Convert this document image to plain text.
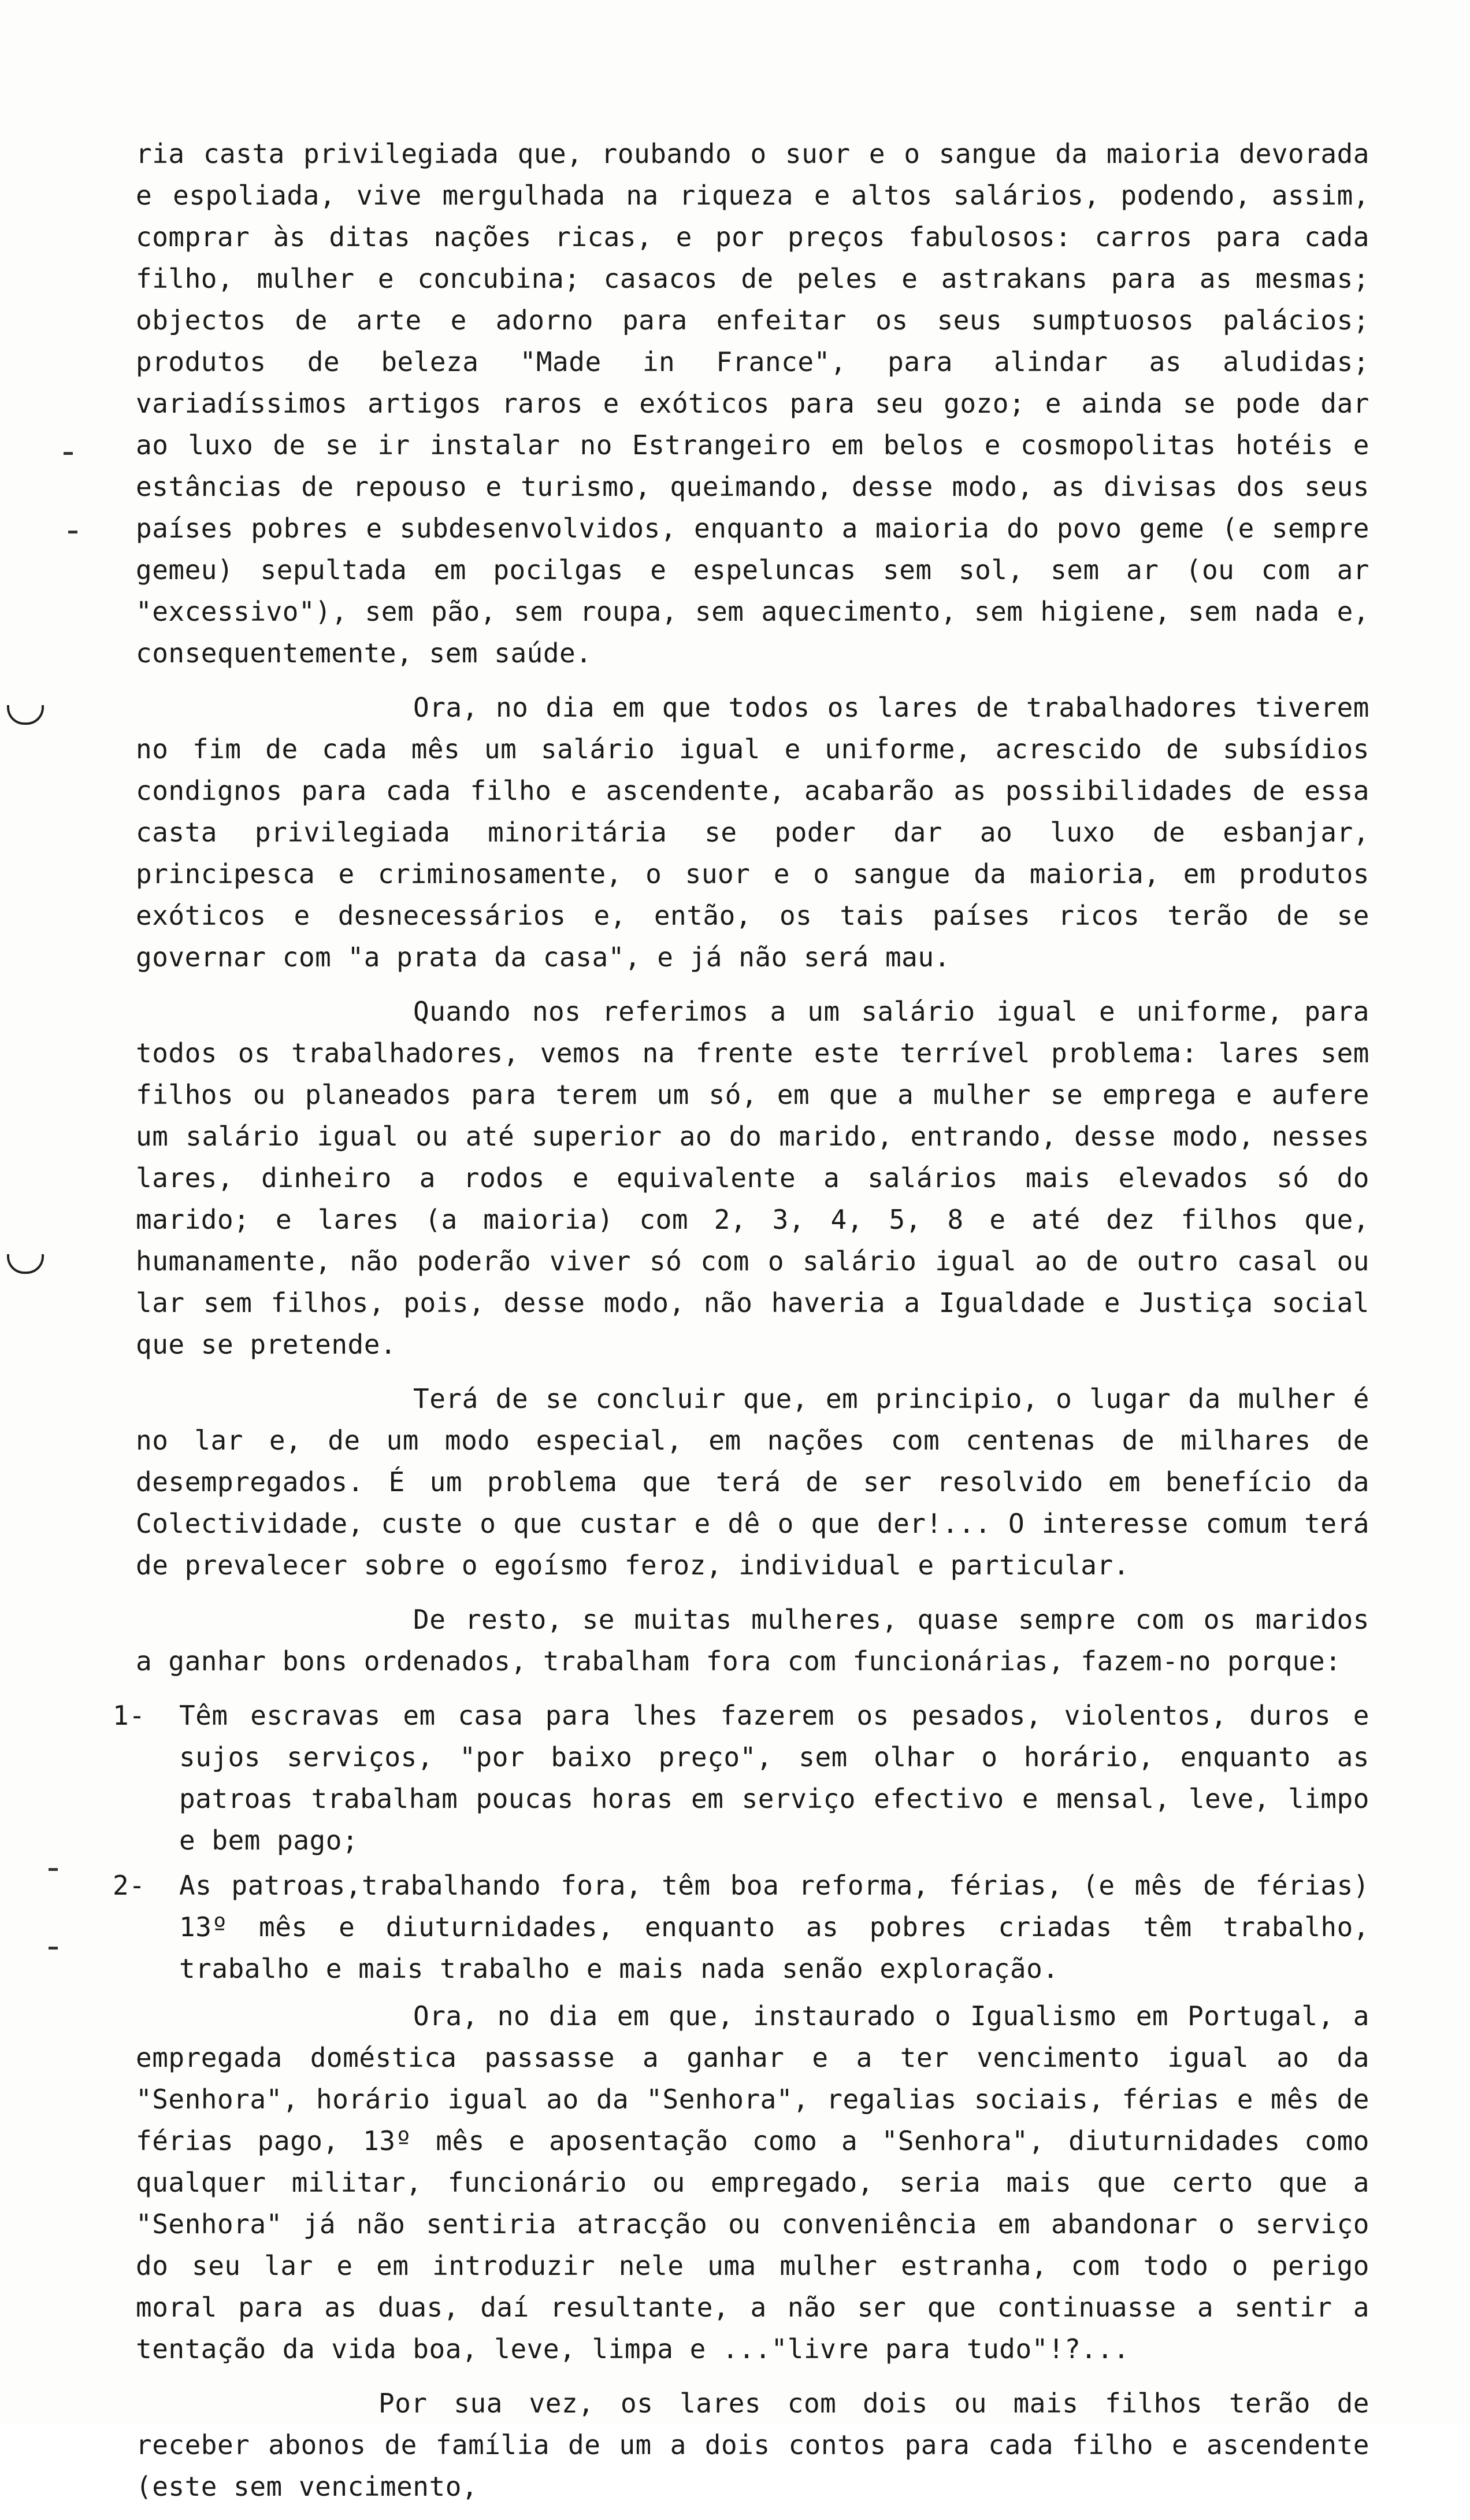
ria casta privilegiada que, roubando o suor e o sangue da maioria devorada e espoliada, vive mergulhada na riqueza e altos salários, podendo, assim, comprar às ditas nações ricas, e por preços fabulosos: carros para cada filho, mulher e concubina; casacos de peles e astrakans para as mesmas; objectos de arte e adorno para enfeitar os seus sumptuosos palácios; produtos de beleza "Made in France", para alindar as aludidas; variadíssimos artigos raros e exóticos para seu gozo; e ainda se pode dar ao luxo de se ir instalar no Estrangeiro em belos e cosmopolitas hotéis e estâncias de repouso e turismo, queimando, desse modo, as divisas dos seus países pobres e subdesenvolvidos, enquanto a maioria do povo geme (e sempre gemeu) sepultada em pocilgas e espeluncas sem sol, sem ar (ou com ar "excessivo"), sem pão, sem roupa, sem aquecimento, sem higiene, sem nada e, consequentemente, sem saúde.

Ora, no dia em que todos os lares de trabalhadores tiverem no fim de cada mês um salário igual e uniforme, acrescido de subsídios condignos para cada filho e ascendente, acabarão as possibilidades de essa casta privilegiada minoritária se poder dar ao luxo de esbanjar, principesca e criminosamente, o suor e o sangue da maioria, em produtos exóticos e desnecessários e, então, os tais países ricos terão de se governar com "a prata da casa", e já não será mau.

Quando nos referimos a um salário igual e uniforme, para todos os trabalhadores, vemos na frente este terrível problema: lares sem filhos ou planeados para terem um só, em que a mulher se emprega e aufere um salário igual ou até superior ao do marido, entrando, desse modo, nesses lares, dinheiro a rodos e equivalente a salários mais elevados só do marido; e lares (a maioria) com 2, 3, 4, 5, 8 e até dez filhos que, humanamente, não poderão viver só com o salário igual ao de outro casal ou lar sem filhos, pois, desse modo, não haveria a Igualdade e Justiça social que se pretende.

Terá de se concluir que, em principio, o lugar da mulher é no lar e, de um modo especial, em nações com centenas de milhares de desempregados. É um problema que terá de ser resolvido em benefício da Colectividade, custe o que custar e dê o que der!... O interesse comum terá de prevalecer sobre o egoísmo feroz, individual e particular.

De resto, se muitas mulheres, quase sempre com os maridos a ganhar bons ordenados, trabalham fora com funcionárias, fazem-no porque:

1- Têm escravas em casa para lhes fazerem os pesados, violentos, duros e sujos serviços, "por baixo preço", sem olhar o horário, enquanto as patroas trabalham poucas horas em serviço efectivo e mensal, leve, limpo e bem pago;
2- As patroas,trabalhando fora, têm boa reforma, férias, (e mês de férias) 13º mês e diuturnidades, enquanto as pobres criadas têm trabalho, trabalho e mais trabalho e mais nada senão exploração.

Ora, no dia em que, instaurado o Igualismo em Portugal, a empregada doméstica passasse a ganhar e a ter vencimento igual ao da "Senhora", horário igual ao da "Senhora", regalias sociais, férias e mês de férias pago, 13º mês e aposentação como a "Senhora", diuturnidades como qualquer militar, funcionário ou empregado, seria mais que certo que a "Senhora" já não sentiria atracção ou conveniência em abandonar o serviço do seu lar e em introduzir nele uma mulher estranha, com todo o perigo moral para as duas, daí resultante, a não ser que continuasse a sentir a tentação da vida boa, leve, limpa e ..."livre para tudo"!?...

Por sua vez, os lares com dois ou mais filhos terão de receber abonos de família de um a dois contos para cada filho e ascendente (este sem vencimento,
